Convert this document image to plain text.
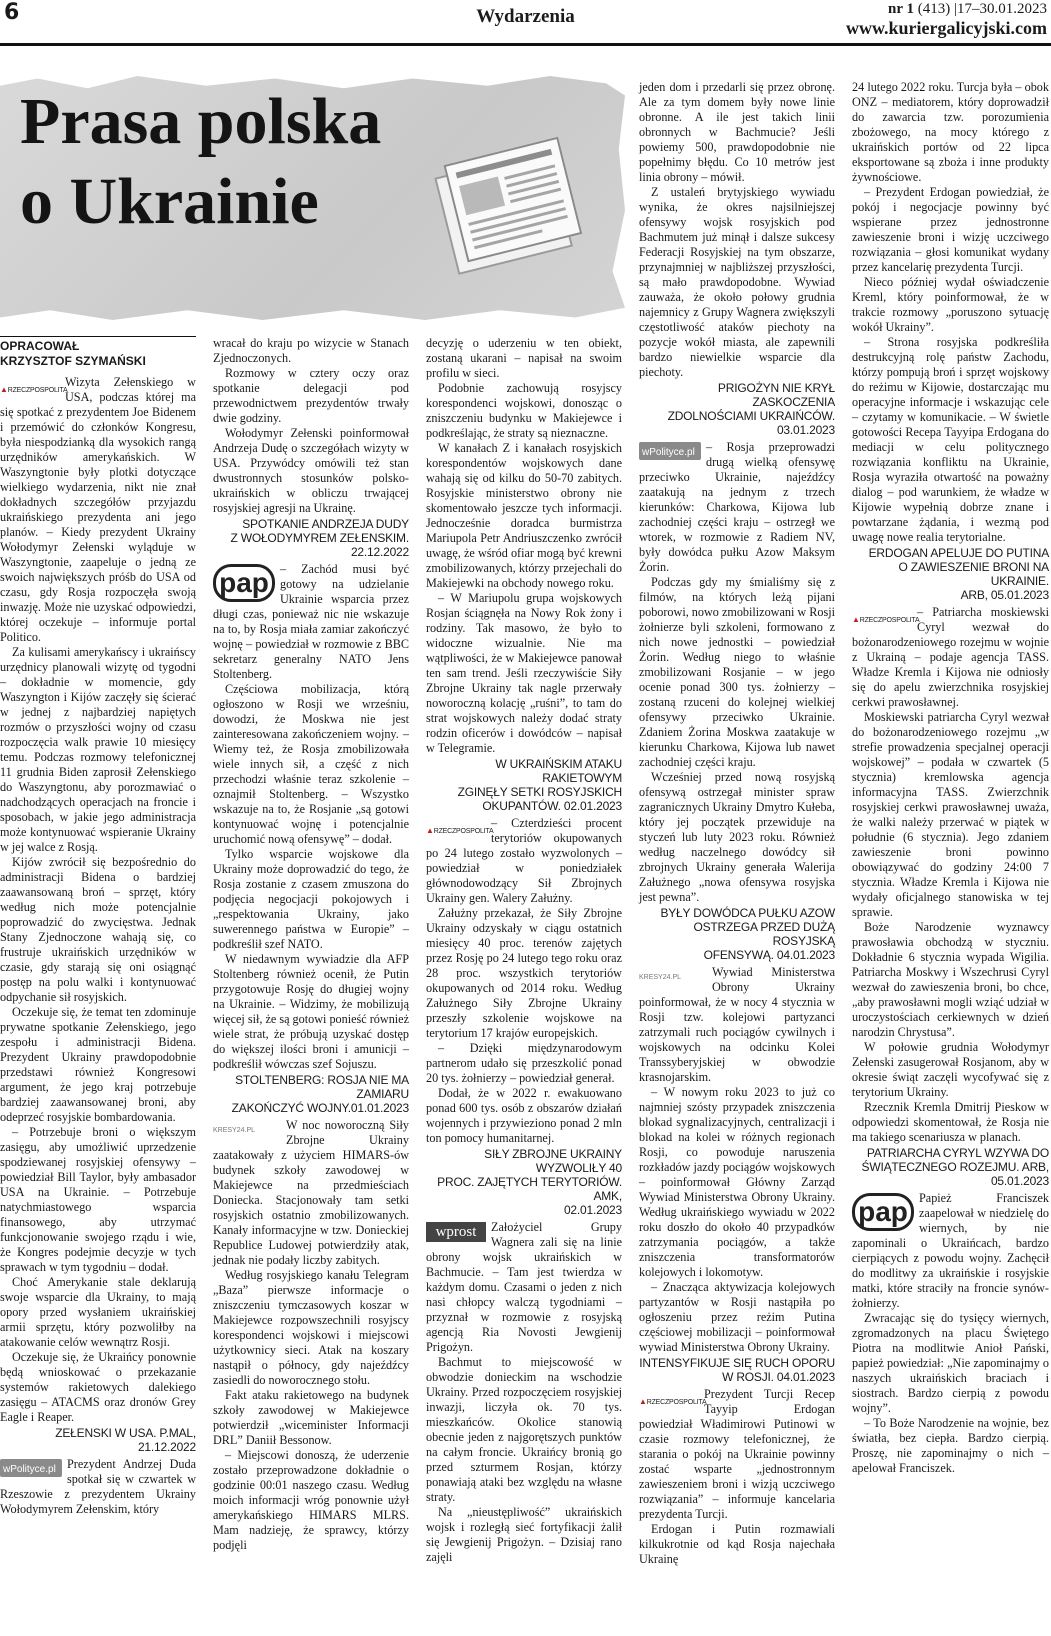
6	Wydarzenia	nr 1 (413) |17–30.01.2023
www.kuriergalicyjski.com
Prasa polska
o Ukrainie
OPRACOWAŁ
KRZYSZTOF SZYMAŃSKI
▲RZECZPOSPOLITA

Wizyta Zełenskiego w USA, podczas której ma się spotkać z prezydentem Joe Bidenem i przemówić do członków Kongresu, była niespodzianką dla wysokich rangą urzędników amerykańskich. W Waszyngtonie były plotki dotyczące wielkiego wydarzenia, nikt nie znał dokładnych szczegółów przyjazdu ukraińskiego prezydenta ani jego planów. – Kiedy prezydent Ukrainy Wołodymyr Zełenski wyląduje w Waszyngtonie, zaapeluje o jedną ze swoich największych próśb do USA od czasu, gdy Rosja rozpoczęła swoją inwazję. Może nie uzyskać odpowiedzi, której oczekuje – informuje portal Politico.

Za kulisami amerykańscy i ukraińscy urzędnicy planowali wizytę od tygodni – dokładnie w momencie, gdy Waszyngton i Kijów zaczęły się ścierać w jednej z najbardziej napiętych rozmów o przyszłości wojny od czasu rozpoczęcia walk prawie 10 miesięcy temu. Podczas rozmowy telefonicznej 11 grudnia Biden zaprosił Zełenskiego do Waszyngtonu, aby porozmawiać o nadchodzących operacjach na froncie i sposobach, w jakie jego administracja może kontynuować wspieranie Ukrainy w jej walce z Rosją.

Kijów zwrócił się bezpośrednio do administracji Bidena o bardziej zaawansowaną broń – sprzęt, który według nich może potencjalnie poprowadzić do zwycięstwa. Jednak Stany Zjednoczone wahają się, co frustruje ukraińskich urzędników w czasie, gdy starają się oni osiągnąć postęp na polu walki i kontynuować odpychanie sił rosyjskich.

Oczekuje się, że temat ten zdominuje prywatne spotkanie Zełenskiego, jego zespołu i administracji Bidena. Prezydent Ukrainy prawdopodobnie przedstawi również Kongresowi argument, że jego kraj potrzebuje bardziej zaawansowanej broni, aby odeprzeć rosyjskie bombardowania.

– Potrzebuje broni o większym zasięgu, aby umożliwić uprzedzenie spodziewanej rosyjskiej ofensywy – powiedział Bill Taylor, były ambasador USA na Ukrainie. – Potrzebuje natychmiastowego wsparcia finansowego, aby utrzymać funkcjonowanie swojego rządu i wie, że Kongres podejmie decyzje w tych sprawach w tym tygodniu – dodał.

Choć Amerykanie stale deklarują swoje wsparcie dla Ukrainy, to mają opory przed wysłaniem ukraińskiej armii sprzętu, który pozwoliłby na atakowanie celów wewnątrz Rosji.

Oczekuje się, że Ukraińcy ponownie będą wnioskować o przekazanie systemów rakietowych dalekiego zasięgu – ATACMS oraz dronów Grey Eagle i Reaper.

ZEŁENSKI W USA. P.MAL, 21.12.2022

wPolityce.pl Prezydent Andrzej Duda spotkał się w czwartek w Rzeszowie z prezydentem Ukrainy Wołodymyrem Zełenskim, który

wracał do kraju po wizycie w Stanach Zjednoczonych.

Rozmowy w cztery oczy oraz spotkanie delegacji pod przewodnictwem prezydentów trwały dwie godziny.

Wołodymyr Zełenski poinformował Andrzeja Dudę o szczegółach wizyty w USA. Przywódcy omówili też stan dwustronnych stosunków polsko-ukraińskich w obliczu trwającej rosyjskiej agresji na Ukrainę.

SPOTKANIE ANDRZEJA DUDY
Z WOŁODYMYREM ZEŁENSKIM.
22.12.2022
pap – Zachód musi być gotowy na udzielanie Ukrainie wsparcia przez długi czas, ponieważ nic nie wskazuje na to, by Rosja miała zamiar zakończyć wojnę – powiedział w rozmowie z BBC sekretarz generalny NATO Jens Stoltenberg.

Częściowa mobilizacja, którą ogłoszono w Rosji we wrześniu, dowodzi, że Moskwa nie jest zainteresowana zakończeniem wojny. – Wiemy też, że Rosja zmobilizowała wiele innych sił, a część z nich przechodzi właśnie teraz szkolenie – oznajmił Stoltenberg. – Wszystko wskazuje na to, że Rosjanie „są gotowi kontynuować wojnę i potencjalnie uruchomić nową ofensywę” – dodał.

Tylko wsparcie wojskowe dla Ukrainy może doprowadzić do tego, że Rosja zostanie z czasem zmuszona do podjęcia negocjacji pokojowych i „respektowania Ukrainy, jako suwerennego państwa w Europie” – podkreślił szef NATO.

W niedawnym wywiadzie dla AFP Stoltenberg również ocenił, że Putin przygotowuje Rosję do długiej wojny na Ukrainie. – Widzimy, że mobilizują więcej sił, że są gotowi ponieść również wiele strat, że próbują uzyskać dostęp do większej ilości broni i amunicji – podkreślił wówczas szef Sojuszu.

STOLTENBERG: ROSJA NIE MA ZAMIARU
ZAKOŃCZYĆ WOJNY.01.01.2023
KRESY24.PL	W noc noworoczną Siły Zbrojne Ukrainy zaatakowały z użyciem HIMARS-ów budynek szkoły zawodowej w Makiejewce na przedmieściach Doniecka. Stacjonowały tam setki rosyjskich ostatnio zmobilizowanych. Kanały informacyjne w tzw. Donieckiej Republice Ludowej potwierdziły atak, jednak nie podały liczby zabitych.

Według rosyjskiego kanału Telegram „Baza” pierwsze informacje o zniszczeniu tymczasowych koszar w Makiejewce rozpowszechnili rosyjscy korespondenci wojskowi i miejscowi użytkownicy sieci. Atak na koszary nastąpił o północy, gdy najeźdźcy zasiedli do noworocznego stołu.

Fakt ataku rakietowego na budynek szkoły zawodowej w Makiejewce potwierdził „wiceminister Informacji DRL” Daniił Bessonow.

– Miejscowi donoszą, że uderzenie zostało przeprowadzone dokładnie o godzinie 00:01 naszego czasu. Według moich informacji wróg ponownie użył amerykańskiego HIMARS MLRS. Mam nadzieję, że sprawcy, którzy podjęli

decyzję o uderzeniu w ten obiekt, zostaną ukarani – napisał na swoim profilu w sieci.

Podobnie zachowują rosyjscy korespondenci wojskowi, donosząc o zniszczeniu budynku w Makiejewce i podkreślając, że straty są nieznaczne.

W kanałach Z i kanałach rosyjskich korespondentów wojskowych dane wahają się od kilku do 50-70 zabitych. Rosyjskie ministerstwo obrony nie skomentowało jeszcze tych informacji. Jednocześnie doradca burmistrza Mariupola Petr Andriuszczenko zwrócił uwagę, że wśród ofiar mogą być krewni zmobilizowanych, którzy przejechali do Makiejewki na obchody nowego roku.

– W Mariupolu grupa wojskowych Rosjan ściągnęła na Nowy Rok żony i rodziny. Tak masowo, że było to widoczne wizualnie. Nie ma wątpliwości, że w Makiejewce panował ten sam trend. Jeśli rzeczywiście Siły Zbrojne Ukrainy tak nagle przerwały noworoczną kolację „ruśni”, to tam do strat wojskowych należy dodać straty rodzin oficerów i dowódców – napisał w Telegramie.

W UKRAIŃSKIM ATAKU RAKIETOWYM
ZGINĘŁY SETKI ROSYJSKICH
OKUPANTÓW. 02.01.2023
▲RZECZPOSPOLITA

– Czterdzieści procent terytoriów okupowanych po 24 lutego zostało wyzwolonych – powiedział w poniedziałek głównodowodzący Sił Zbrojnych Ukrainy gen. Walery Załużny.

Załużny przekazał, że Siły Zbrojne Ukrainy odzyskały w ciągu ostatnich miesięcy 40 proc. terenów zajętych przez Rosję po 24 lutego tego roku oraz 28 proc. wszystkich terytoriów okupowanych od 2014 roku. Według Załużnego Siły Zbrojne Ukrainy przeszły szkolenie wojskowe na terytorium 17 krajów europejskich.

– Dzięki międzynarodowym partnerom udało się przeszkolić ponad 20 tys. żołnierzy – powiedział generał.

Dodał, że w 2022 r. ewakuowano ponad 600 tys. osób z obszarów działań wojennych i przywieziono ponad 2 mln ton pomocy humanitarnej.

SIŁY ZBROJNE UKRAINY WYZWOLIŁY 40
PROC. ZAJĘTYCH TERYTORIÓW. AMK,
02.01.2023
wprost	Założyciel Grupy Wagnera zali się na linie obrony wojsk ukraińskich w Bachmucie. – Tam jest twierdza w każdym domu. Czasami o jeden z nich nasi chłopcy walczą tygodniami – przyznał w rozmowie z rosyjską agencją Ria Novosti Jewgienij Prigożyn.

Bachmut to miejscowość w obwodzie donieckim na wschodzie Ukrainy. Przed rozpoczęciem rosyjskiej inwazji, liczyła ok. 70 tys. mieszkańców. Okolice stanowią obecnie jeden z najgorętszych punktów na całym froncie. Ukraińcy bronią go przed szturmem Rosjan, którzy ponawiają ataki bez względu na własne straty.

Na „nieustępliwość” ukraińskich wojsk i rozległą sieć fortyfikacji żalił się Jewgienij Prigożyn. – Dzisiaj rano zajęli

jeden dom i przedarli się przez obronę. Ale za tym domem były nowe linie obronne. A ile jest takich linii obronnych w Bachmucie? Jeśli powiemy 500, prawdopodobnie nie popełnimy błędu. Co 10 metrów jest linia obrony – mówił.

Z ustaleń brytyjskiego wywiadu wynika, że okres najsilniejszej ofensywy wojsk rosyjskich pod Bachmutem już minął i dalsze sukcesy Federacji Rosyjskiej na tym obszarze, przynajmniej w najbliższej przyszłości, są mało prawdopodobne. Wywiad zauważa, że około połowy grudnia najemnicy z Grupy Wagnera zwiększyli częstotliwość ataków piechoty na pozycje wokół miasta, ale zapewnili bardzo niewielkie wsparcie dla piechoty.

PRIGOŻYN NIE KRYŁ ZASKOCZENIA
ZDOLNOŚCIAMI UKRAIŃCÓW.
03.01.2023
wPolityce.pl – Rosja przeprowadzi drugą wielką ofensywę przeciwko Ukrainie, najeźdźcy zaatakują na jednym z trzech kierunków: Charkowa, Kijowa lub zachodniej części kraju – ostrzegł we wtorek, w rozmowie z Radiem NV, były dowódca pułku Azow Maksym Żorin.

Podczas gdy my śmialiśmy się z filmów, na których leżą pijani poborowi, nowo zmobilizowani w Rosji żołnierze byli szkoleni, formowano z nich nowe jednostki – powiedział Żorin. Według niego to właśnie zmobilizowani Rosjanie – w jego ocenie ponad 300 tys. żołnierzy – zostaną rzuceni do kolejnej wielkiej ofensywy przeciwko Ukrainie. Zdaniem Żorina Moskwa zaatakuje w kierunku Charkowa, Kijowa lub nawet zachodniej części kraju.

Wcześniej przed nową rosyjską ofensywą ostrzegał minister spraw zagranicznych Ukrainy Dmytro Kułeba, który jej początek przewiduje na styczeń lub luty 2023 roku. Również według naczelnego dowódcy sił zbrojnych Ukrainy generała Walerija Załużnego „nowa ofensywa rosyjska jest pewna”.

BYŁY DOWÓDCA PUŁKU AZOW
OSTRZEGA PRZED DUŻĄ ROSYJSKĄ
OFENSYWĄ. 04.01.2023
KRESY24.PL	Wywiad Ministerstwa Obrony Ukrainy poinformował, że w nocy 4 stycznia w Rosji tzw. kolejowi partyzanci zatrzymali ruch pociągów cywilnych i wojskowych na odcinku Kolei Transsyberyjskiej w obwodzie krasnojarskim.

– W nowym roku 2023 to już co najmniej szósty przypadek zniszczenia blokad sygnalizacyjnych, centralizacji i blokad na kolei w różnych regionach Rosji, co powoduje naruszenia rozkładów jazdy pociągów wojskowych – poinformował Główny Zarząd Wywiad Ministerstwa Obrony Ukrainy. Według ukraińskiego wywiadu w 2022 roku doszło do około 40 przypadków zatrzymania pociągów, a także zniszczenia transformatorów kolejowych i lokomotyw.

– Znacząca aktywizacja kolejowych partyzantów w Rosji nastąpiła po ogłoszeniu przez reżim Putina częściowej mobilizacji – poinformował wywiad Ministerstwa Obrony Ukrainy.

INTENSYFIKUJE SIĘ RUCH OPORU
W ROSJI. 04.01.2023
▲RZECZPOSPOLITA

Prezydent Turcji Recep Tayyip Erdogan powiedział Władimirowi Putinowi w czasie rozmowy telefonicznej, że starania o pokój na Ukrainie powinny zostać wsparte „jednostronnym zawieszeniem broni i wizją uczciwego rozwiązania” – informuje kancelaria prezydenta Turcji.

Erdogan i Putin rozmawiali kilkukrotnie od kąd Rosja najechała Ukrainę

24 lutego 2022 roku. Turcja była – obok ONZ – mediatorem, który doprowadził do zawarcia tzw. porozumienia zbożowego, na mocy którego z ukraińskich portów od 22 lipca eksportowane są zboża i inne produkty żywnościowe.

– Prezydent Erdogan powiedział, że pokój i negocjacje powinny być wspierane przez jednostronne zawieszenie broni i wizję uczciwego rozwiązania – głosi komunikat wydany przez kancelarię prezydenta Turcji.

Nieco później wydał oświadczenie Kreml, który poinformował, że w trakcie rozmowy „poruszono sytuację wokół Ukrainy”.

– Strona rosyjska podkreśliła destrukcyjną rolę państw Zachodu, którzy pompują broń i sprzęt wojskowy do reżimu w Kijowie, dostarczając mu operacyjne informacje i wskazując cele – czytamy w komunikacie. – W świetle gotowości Recepa Tayyipa Erdogana do mediacji w celu politycznego rozwiązania konfliktu na Ukrainie, Rosja wyraziła otwartość na poważny dialog – pod warunkiem, że władze w Kijowie wypełnią dobrze znane i powtarzane żądania, i wezmą pod uwagę nowe realia terytorialne.

ERDOGAN APELUJE DO PUTINA
O ZAWIESZENIE BRONI NA UKRAINIE.
ARB, 05.01.2023
▲RZECZPOSPOLITA

– Patriarcha moskiewski Cyryl wezwał do bożonarodzeniowego rozejmu w wojnie z Ukrainą – podaje agencja TASS. Władze Kremla i Kijowa nie odniosły się do apelu zwierzchnika rosyjskiej cerkwi prawosławnej.

Moskiewski patriarcha Cyryl wezwał do bożonarodzeniowego rozejmu „w strefie prowadzenia specjalnej operacji wojskowej” – podała w czwartek (5 stycznia) kremlowska agencja informacyjna TASS. Zwierzchnik rosyjskiej cerkwi prawosławnej uważa, że walki należy przerwać w piątek w południe (6 stycznia). Jego zdaniem zawieszenie broni powinno obowiązywać do godziny 24:00 7 stycznia. Władze Kremla i Kijowa nie wydały oficjalnego stanowiska w tej sprawie.

Boże Narodzenie wyznawcy prawosławia obchodzą w styczniu. Dokładnie 6 stycznia wypada Wigilia. Patriarcha Moskwy i Wszechrusi Cyryl wezwał do zawieszenia broni, bo chce, „aby prawosławni mogli wziąć udział w uroczystościach cerkiewnych w dzień narodzin Chrystusa”.

W połowie grudnia Wołodymyr Zełenski zasugerował Rosjanom, aby w okresie świąt zaczęli wycofywać się z terytorium Ukrainy.

Rzecznik Kremla Dmitrij Pieskow w odpowiedzi skomentował, że Rosja nie ma takiego scenariusza w planach.

PATRIARCHA CYRYL WZYWA DO
ŚWIĄTECZNEGO ROZEJMU. ARB,
05.01.2023
pap Papież Franciszek zaapelował w niedzielę do wiernych, by nie zapominali o Ukraińcach, bardzo cierpiących z powodu wojny. Zachęcił do modlitwy za ukraińskie i rosyjskie matki, które straciły na froncie synów-żołnierzy.

Zwracając się do tysięcy wiernych, zgromadzonych na placu Świętego Piotra na modlitwie Anioł Pański, papież powiedział: „Nie zapominajmy o naszych ukraińskich braciach i siostrach. Bardzo cierpią z powodu wojny”.

– To Boże Narodzenie na wojnie, bez światła, bez ciepła. Bardzo cierpią. Proszę, nie zapominajmy o nich – apelował Franciszek.
